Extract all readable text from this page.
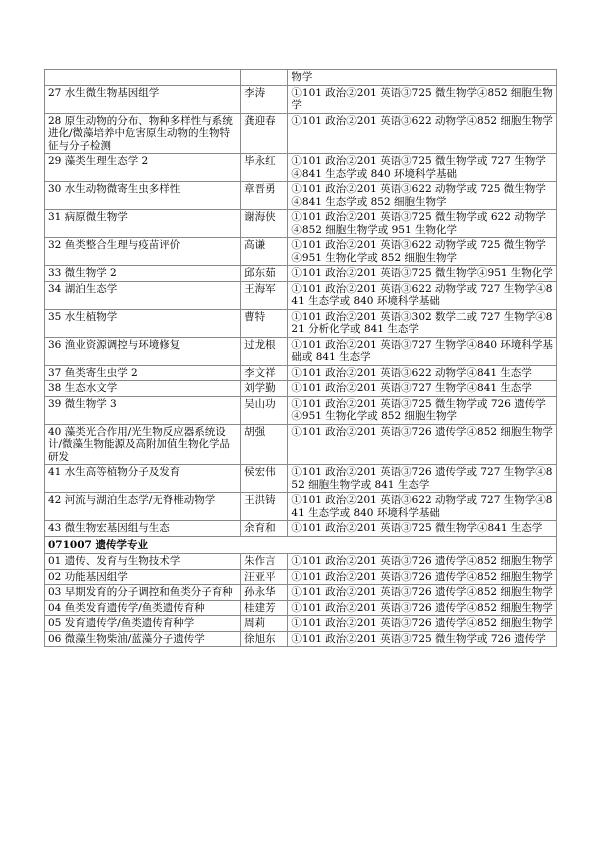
		物学
27 水生微生物基因组学	李涛	①101 政治②201 英语③725 微生物学④852 细胞生物学
28 原生动物的分布、物种多样性与系统进化/微藻培养中危害原生动物的生物特征与分子检测	龚迎春	①101 政治②201 英语③622 动物学④852 细胞生物学
29 藻类生理生态学 2	毕永红	①101 政治②201 英语③725 微生物学或 727 生物学④841 生态学或 840 环境科学基础
30 水生动物微寄生虫多样性	章晋勇	①101 政治②201 英语③622 动物学或 725 微生物学④841 生态学或 852 细胞生物学
31 病原微生物学	谢海侠	①101 政治②201 英语③725 微生物学或 622 动物学④852 细胞生物学或 951 生物化学
32 鱼类整合生理与疫苗评价	高谦	①101 政治②201 英语③622 动物学或 725 微生物学④951 生物化学或 852 细胞生物学
33 微生物学 2	邱东茹	①101 政治②201 英语③725 微生物学④951 生物化学
34 湖泊生态学	王海军	①101 政治②201 英语③622 动物学或 727 生物学④841 生态学或 840 环境科学基础
35 水生植物学	曹特	①101 政治②201 英语③302 数学二或 727 生物学④821 分析化学或 841 生态学
36 渔业资源调控与环境修复	过龙根	①101 政治②201 英语③727 生物学④840 环境科学基础或 841 生态学
37 鱼类寄生虫学 2	李文祥	①101 政治②201 英语③622 动物学④841 生态学
38 生态水文学	刘学勤	①101 政治②201 英语③727 生物学④841 生态学
39 微生物学 3	吴山功	①101 政治②201 英语③725 微生物学或 726 遗传学④951 生物化学或 852 细胞生物学
40 藻类光合作用/光生物反应器系统设计/微藻生物能源及高附加值生物化学品研发	胡强	①101 政治②201 英语③726 遗传学④852 细胞生物学
41 水生高等植物分子及发育	侯宏伟	①101 政治②201 英语③726 遗传学或 727 生物学④852 细胞生物学或 841 生态学
42 河流与湖泊生态学/无脊椎动物学	王洪铸	①101 政治②201 英语③622 动物学或 727 生物学④841 生态学或 840 环境科学基础
43 微生物宏基因组与生态	余育和	①101 政治②201 英语③725 微生物学④841 生态学
071007 遗传学专业		
01 遗传、发育与生物技术学	朱作言	①101 政治②201 英语③726 遗传学④852 细胞生物学
02 功能基因组学	汪亚平	①101 政治②201 英语③726 遗传学④852 细胞生物学
03 早期发育的分子调控和鱼类分子育种	孙永华	①101 政治②201 英语③726 遗传学④852 细胞生物学
04 鱼类发育遗传学/鱼类遗传育种	桂建芳	①101 政治②201 英语③726 遗传学④852 细胞生物学
05 发育遗传学/鱼类遗传育种学	周莉	①101 政治②201 英语③726 遗传学④852 细胞生物学
06 微藻生物柴油/蓝藻分子遗传学	徐旭东	①101 政治②201 英语③725 微生物学或 726 遗传学
